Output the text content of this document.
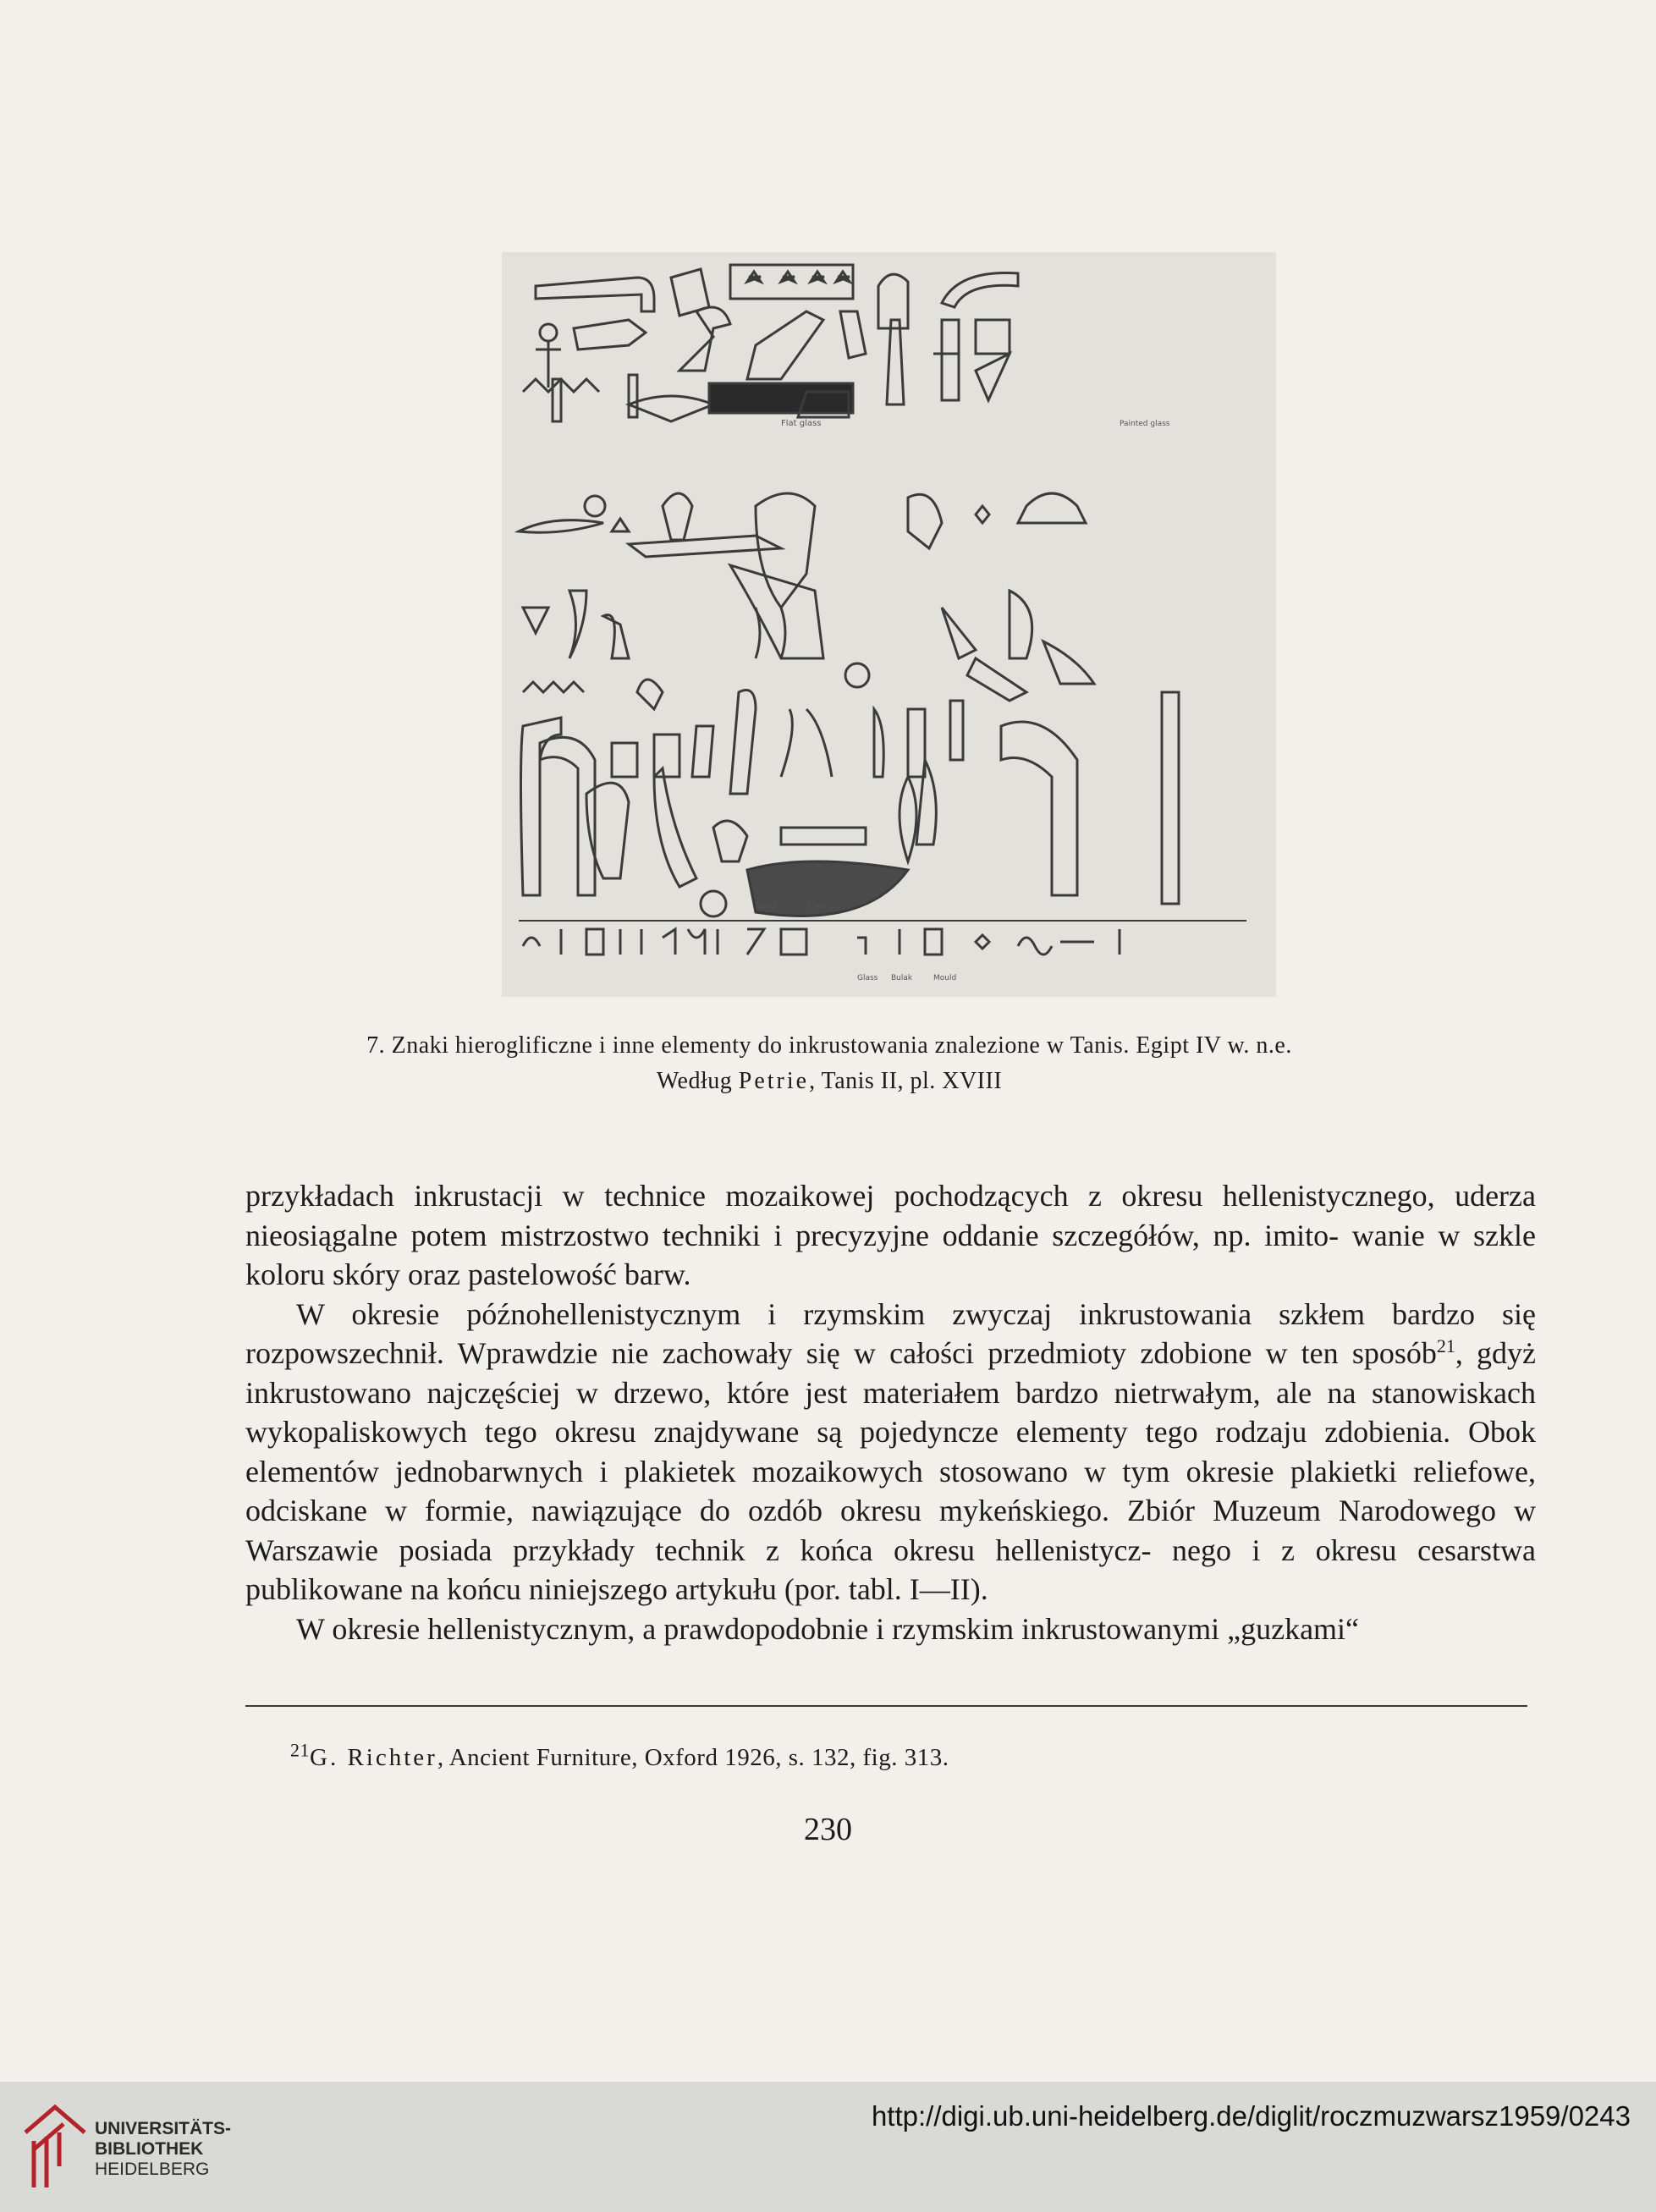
Flat glass
Relief	Glass
Glass Bulak	Mould
Painted glass
7. Znaki hieroglificzne i inne elementy do inkrustowania znalezione w Tanis. Egipt IV w. n.e.
Według Petrie, Tanis II, pl. XVIII

przykładach inkrustacji w technice mozaikowej pochodzących z okresu hellenistycznego, uderza nieosiągalne potem mistrzostwo techniki i precyzyjne oddanie szczegółów, np. imito- wanie w szkle koloru skóry oraz pastelowość barw.

W okresie późnohellenistycznym i rzymskim zwyczaj inkrustowania szkłem bardzo się rozpowszechnił. Wprawdzie nie zachowały się w całości przedmioty zdobione w ten sposób$^{21}$, gdyż inkrustowano najczęściej w drzewo, które jest materiałem bardzo nietrwałym, ale na stanowiskach wykopaliskowych tego okresu znajdywane są pojedyncze elementy tego rodzaju zdobienia. Obok elementów jednobarwnych i plakietek mozaikowych stosowano w tym okresie plakietki reliefowe, odciskane w formie, nawiązujące do ozdób okresu mykeńskiego. Zbiór Muzeum Narodowego w Warszawie posiada przykłady technik z końca okresu hellenistycz- nego i z okresu cesarstwa publikowane na końcu niniejszego artykułu (por. tabl. I—II).

W okresie hellenistycznym, a prawdopodobnie i rzymskim inkrustowanymi „guzkami“

$^{21}$G. Richter, Ancient Furniture, Oxford 1926, s. 132, fig. 313.
230
UNIVERSITÄTS-
BIBLIOTHEK
HEIDELBERG
http://digi.ub.uni-heidelberg.de/diglit/roczmuzwarsz1959/0243
